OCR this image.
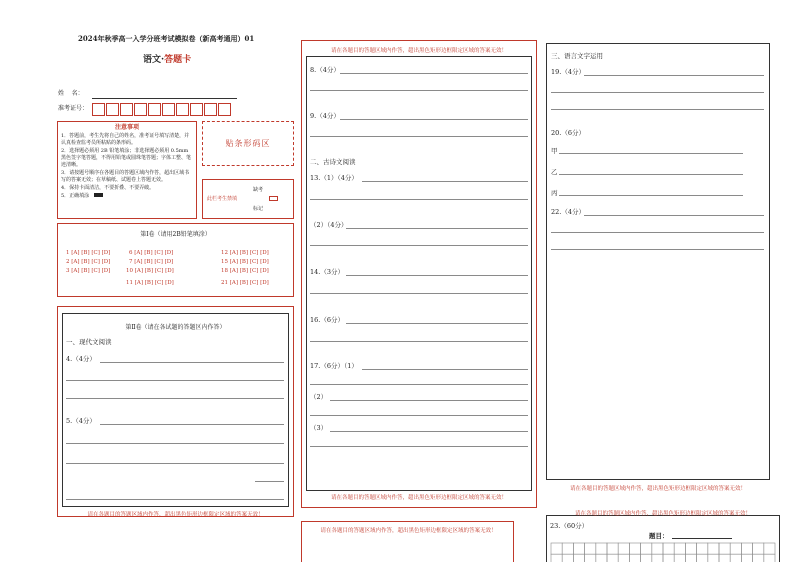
2024年秋季高一入学分班考试模拟卷（新高考通用）01
语文·答题卡
姓    名：
准考证号：
注意事项
1．答题前，考生先将自己的姓名，准考证号填写清楚，并认真检查监考员所粘贴的条形码。
2．选择题必须用 2B 铅笔填涂；非选择题必须用 0.5mm黑色签字笔答题，不得用铅笔或圆珠笔答题；字体工整、笔迹清晰。
3．请按题号顺序在各题目的答题区域内作答，超出区域书写的答案无效；在草稿纸、试题卷上答题无效。
4．保持卡面清洁，不要折叠、不要弄破。
5．正确填涂
贴条形码区
此栏考生禁填
缺考
标记
第Ⅰ卷（请用2B铅笔填涂）
1 [A] [B] [C] [D]
2 [A] [B] [C] [D]
3 [A] [B] [C] [D]
6 [A] [B] [C] [D]
7 [A] [B] [C] [D]
10 [A] [B] [C] [D]
11 [A] [B] [C] [D]
12 [A] [B] [C] [D]
15 [A] [B] [C] [D]
18 [A] [B] [C] [D]
21 [A] [B] [C] [D]
第Ⅱ卷（请在各试题的答题区内作答）
一、现代文阅读
4.（4分）
5.（4分）
请在各题目的答题区域内作答，超出黑色矩形边框限定区域的答案无效！
请在各题目的答题区域内作答，超出黑色矩形边框限定区域的答案无效！
8.（4分）
9.（4分）
二、古诗文阅读
13.（1）（4分）
（2）（4分）
14.（3分）
16.（6分）
17.（6分）（1）
（2）
（3）
请在各题目的答题区域内作答，超出黑色矩形边框限定区域的答案无效！
请在各题目的答题区域内作答，超出黑色矩形边框限定区域的答案无效！
三、语言文字运用
19.（4分）
20.（6分）
甲
乙
丙
22.（4分）
请在各题目的答题区域内作答，超出黑色矩形边框限定区域的答案无效！
请在各题目的答题区域内作答，超出黑色矩形边框限定区域的答案无效！
23.（60分）
题目：
